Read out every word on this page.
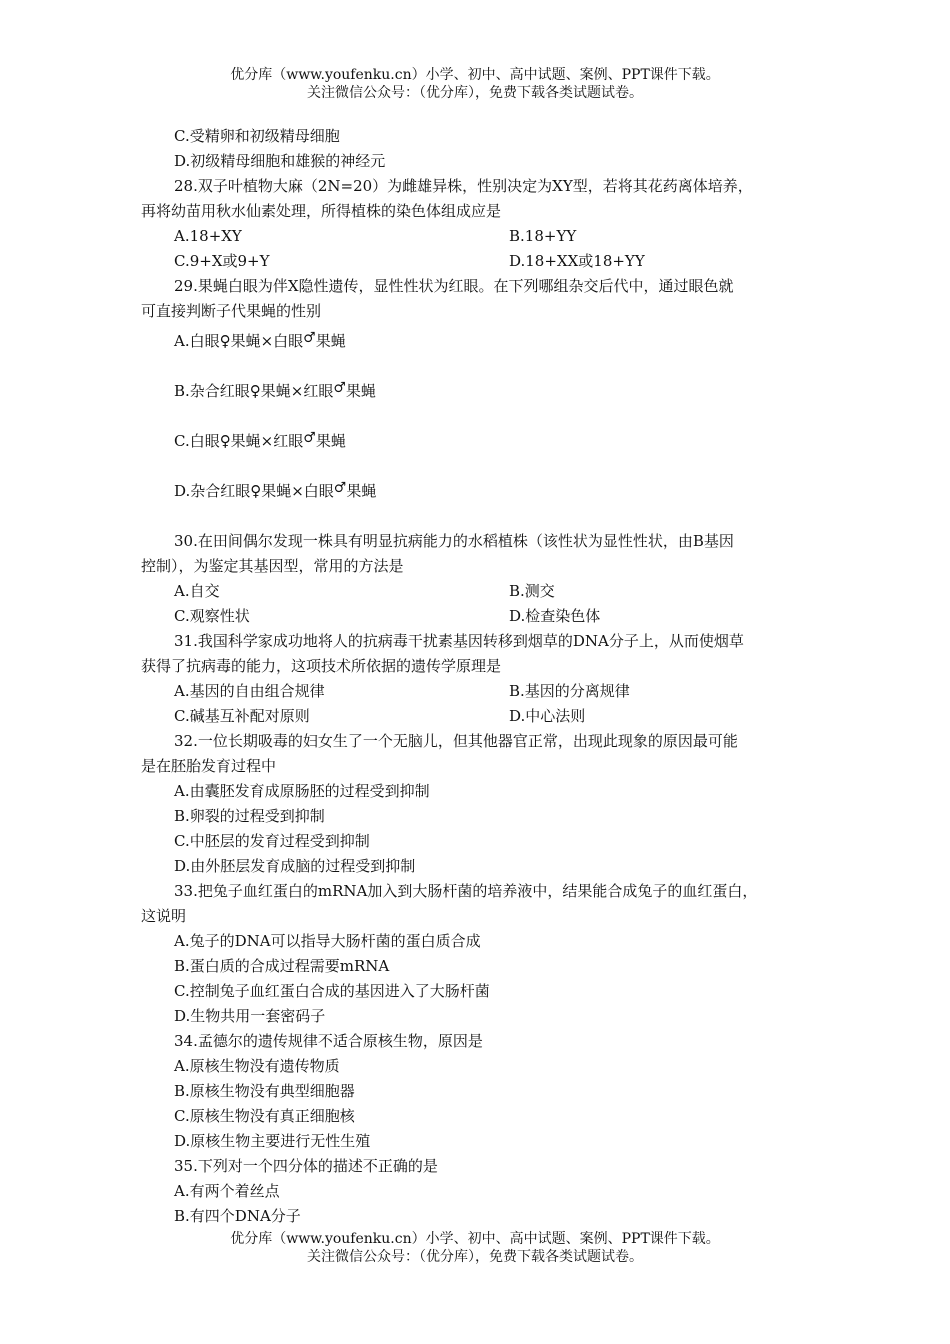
优分库（www.youfenku.cn）小学、初中、高中试题、案例、PPT课件下载。
关注微信公众号：（优分库），免费下载各类试题试卷。
C.受精卵和初级精母细胞
D.初级精母细胞和雄猴的神经元
28.双子叶植物大麻（2N=20）为雌雄异株，性别决定为XY型，若将其花药离体培养，
再将幼苗用秋水仙素处理，所得植株的染色体组成应是
A.18+XY	B.18+YY
C.9+X或9+Y	D.18+XX或18+YY
29.果蝇白眼为伴X隐性遗传，显性性状为红眼。在下列哪组杂交后代中，通过眼色就
可直接判断子代果蝇的性别
A.白眼♀果蝇×白眼♂果蝇
B.杂合红眼♀果蝇×红眼♂果蝇
C.白眼♀果蝇×红眼♂果蝇
D.杂合红眼♀果蝇×白眼♂果蝇
30.在田间偶尔发现一株具有明显抗病能力的水稻植株（该性状为显性性状，由B基因
控制），为鉴定其基因型，常用的方法是
A.自交	B.测交
C.观察性状	D.检查染色体
31.我国科学家成功地将人的抗病毒干扰素基因转移到烟草的DNA分子上，从而使烟草
获得了抗病毒的能力，这项技术所依据的遗传学原理是
A.基因的自由组合规律	B.基因的分离规律
C.碱基互补配对原则	D.中心法则
32.一位长期吸毒的妇女生了一个无脑儿，但其他器官正常，出现此现象的原因最可能
是在胚胎发育过程中
A.由囊胚发育成原肠胚的过程受到抑制
B.卵裂的过程受到抑制
C.中胚层的发育过程受到抑制
D.由外胚层发育成脑的过程受到抑制
33.把兔子血红蛋白的mRNA加入到大肠杆菌的培养液中，结果能合成兔子的血红蛋白，
这说明
A.兔子的DNA可以指导大肠杆菌的蛋白质合成
B.蛋白质的合成过程需要mRNA
C.控制兔子血红蛋白合成的基因进入了大肠杆菌
D.生物共用一套密码子
34.孟德尔的遗传规律不适合原核生物，原因是
A.原核生物没有遗传物质
B.原核生物没有典型细胞器
C.原核生物没有真正细胞核
D.原核生物主要进行无性生殖
35.下列对一个四分体的描述不正确的是
A.有两个着丝点
B.有四个DNA分子
优分库（www.youfenku.cn）小学、初中、高中试题、案例、PPT课件下载。
关注微信公众号：（优分库），免费下载各类试题试卷。
